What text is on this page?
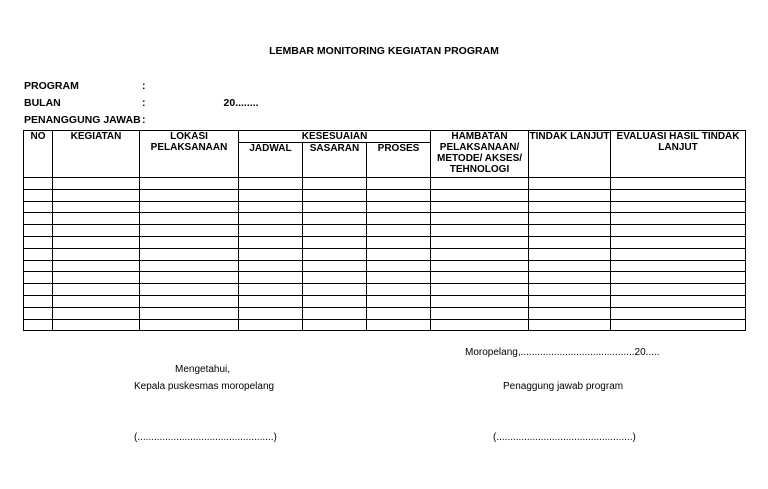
LEMBAR MONITORING KEGIATAN PROGRAM
PROGRAM	:
BULAN	:	20........
PENANGGUNG JAWAB:
NO	KEGIATAN	LOKASI PELAKSANAAN	KESESUAIAN			HAMBATAN PELAKSANAAN/ METODE/ AKSES/ TEHNOLOGI	TINDAK LANJUT	EVALUASI HASIL TINDAK LANJUT
			JADWAL	SASARAN	PROSES			

Moropelang,.........................................20.....
Mengetahui,
Kepala puskesmas moropelang	Penaggung jawab program
(.................................................)	(.................................................)
